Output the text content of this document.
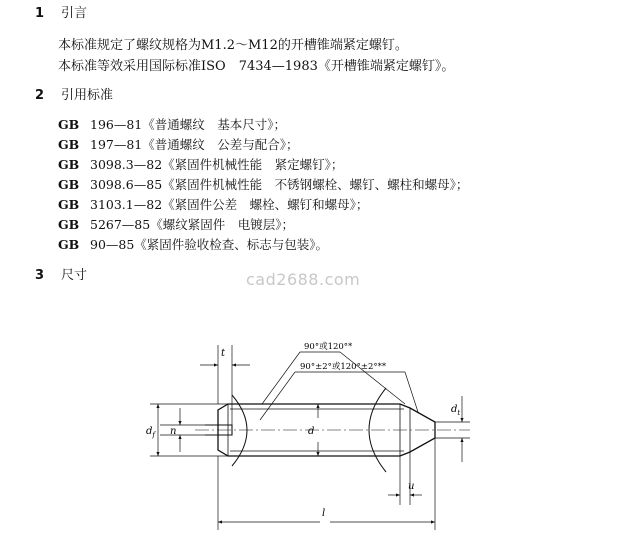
1 引言
本标准规定了螺纹规格为M1.2～M12的开槽锥端紧定螺钉。
本标准等效采用国际标准ISO　7434—1983《开槽锥端紧定螺钉》。
2 引用标准
GB 196—81《普通螺纹　基本尺寸》；
GB 197—81《普通螺纹　公差与配合》；
GB 3098.3—82《紧固件机械性能　紧定螺钉》；
GB 3098.6—85《紧固件机械性能　不锈钢螺栓、螺钉、螺柱和螺母》；
GB 3103.1—82《紧固件公差　螺栓、螺钉和螺母》；
GB 5267—85《螺纹紧固件　电镀层》；
GB 90—85《紧固件验收检查、标志与包装》。
cad2688.com
3 尺寸
t
n
$d_f$	d
$d_t$
u
l
90°或120°*
90°±2°或120°±2°**
